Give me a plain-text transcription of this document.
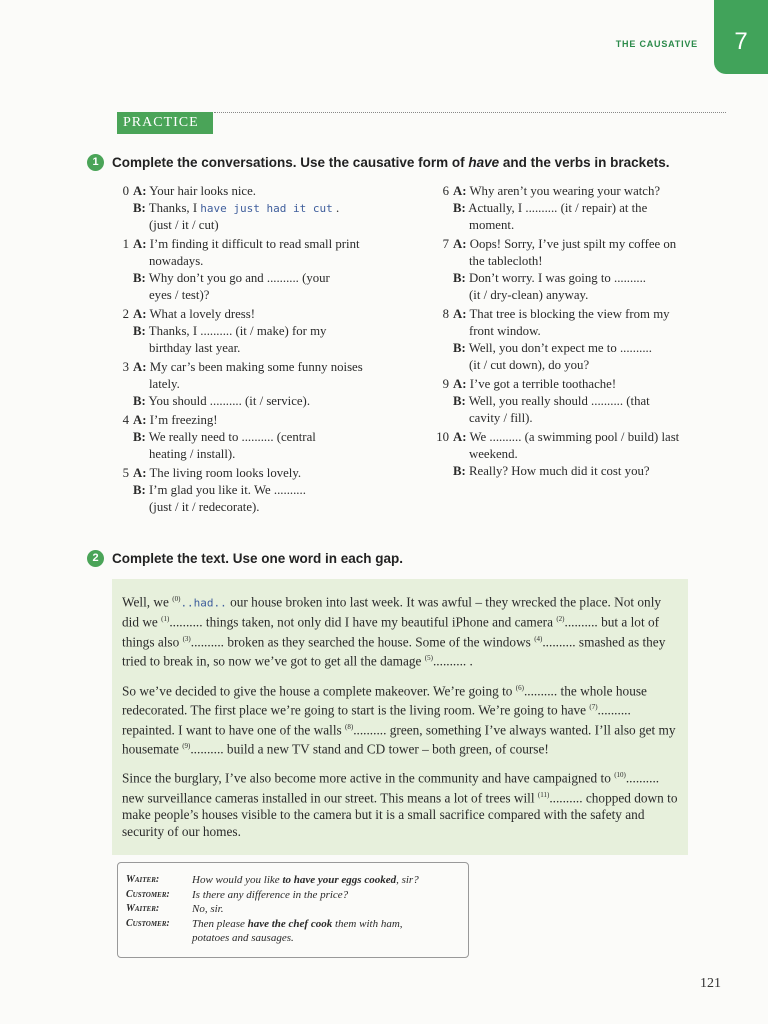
THE CAUSATIVE	7
PRACTICE
1 Complete the conversations. Use the causative form of have and the verbs in brackets.
0 A: Your hair looks nice.
B: Thanks, I have just had it cut .
(just / it / cut)
1 A: I’m finding it difficult to read small print
nowadays.
B: Why don’t you go and .......... (your
eyes / test)?
2 A: What a lovely dress!
B: Thanks, I .......... (it / make) for my
birthday last year.
3 A: My car’s been making some funny noises
lately.
B: You should .......... (it / service).
4 A: I’m freezing!
B: We really need to .......... (central
heating / install).
5 A: The living room looks lovely.
B: I’m glad you like it. We ..........
(just / it / redecorate).
6 A: Why aren’t you wearing your watch?
B: Actually, I .......... (it / repair) at the
moment.
7 A: Oops! Sorry, I’ve just spilt my coffee on
the tablecloth!
B: Don’t worry. I was going to ..........
(it / dry-clean) anyway.
8 A: That tree is blocking the view from my
front window.
B: Well, you don’t expect me to ..........
(it / cut down), do you?
9 A: I’ve got a terrible toothache!
B: Well, you really should .......... (that
cavity / fill).
10 A: We .......... (a swimming pool / build) last
weekend.
B: Really? How much did it cost you?
2 Complete the text. Use one word in each gap.

Well, we $^{(0)}$..had.. our house broken into last week. It was awful – they wrecked the place. Not only did we $^{(1)}$.......... things taken, not only did I have my beautiful iPhone and camera $^{(2)}$.......... but a lot of things also $^{(3)}$.......... broken as they searched the house. Some of the windows $^{(4)}$.......... smashed as they tried to break in, so now we’ve got to get all the damage $^{(5)}$.......... .

So we’ve decided to give the house a complete makeover. We’re going to $^{(6)}$.......... the whole house redecorated. The first place we’re going to start is the living room. We’re going to have $^{(7)}$.......... repainted. I want to have one of the walls $^{(8)}$.......... green, something I’ve always wanted. I’ll also get my housemate $^{(9)}$.......... build a new TV stand and CD tower – both green, of course!

Since the burglary, I’ve also become more active in the community and have campaigned to $^{(10)}$.......... new surveillance cameras installed in our street. This means a lot of trees will $^{(11)}$.......... chopped down to make people’s houses visible to the camera but it is a small sacrifice compared with the safety and security of our homes.

Waiter:	How would you like to have your eggs cooked, sir?
Customer:	Is there any difference in the price?
Waiter:	No, sir.
Customer:	Then please have the chef cook them with ham,
potatoes and sausages.
121
